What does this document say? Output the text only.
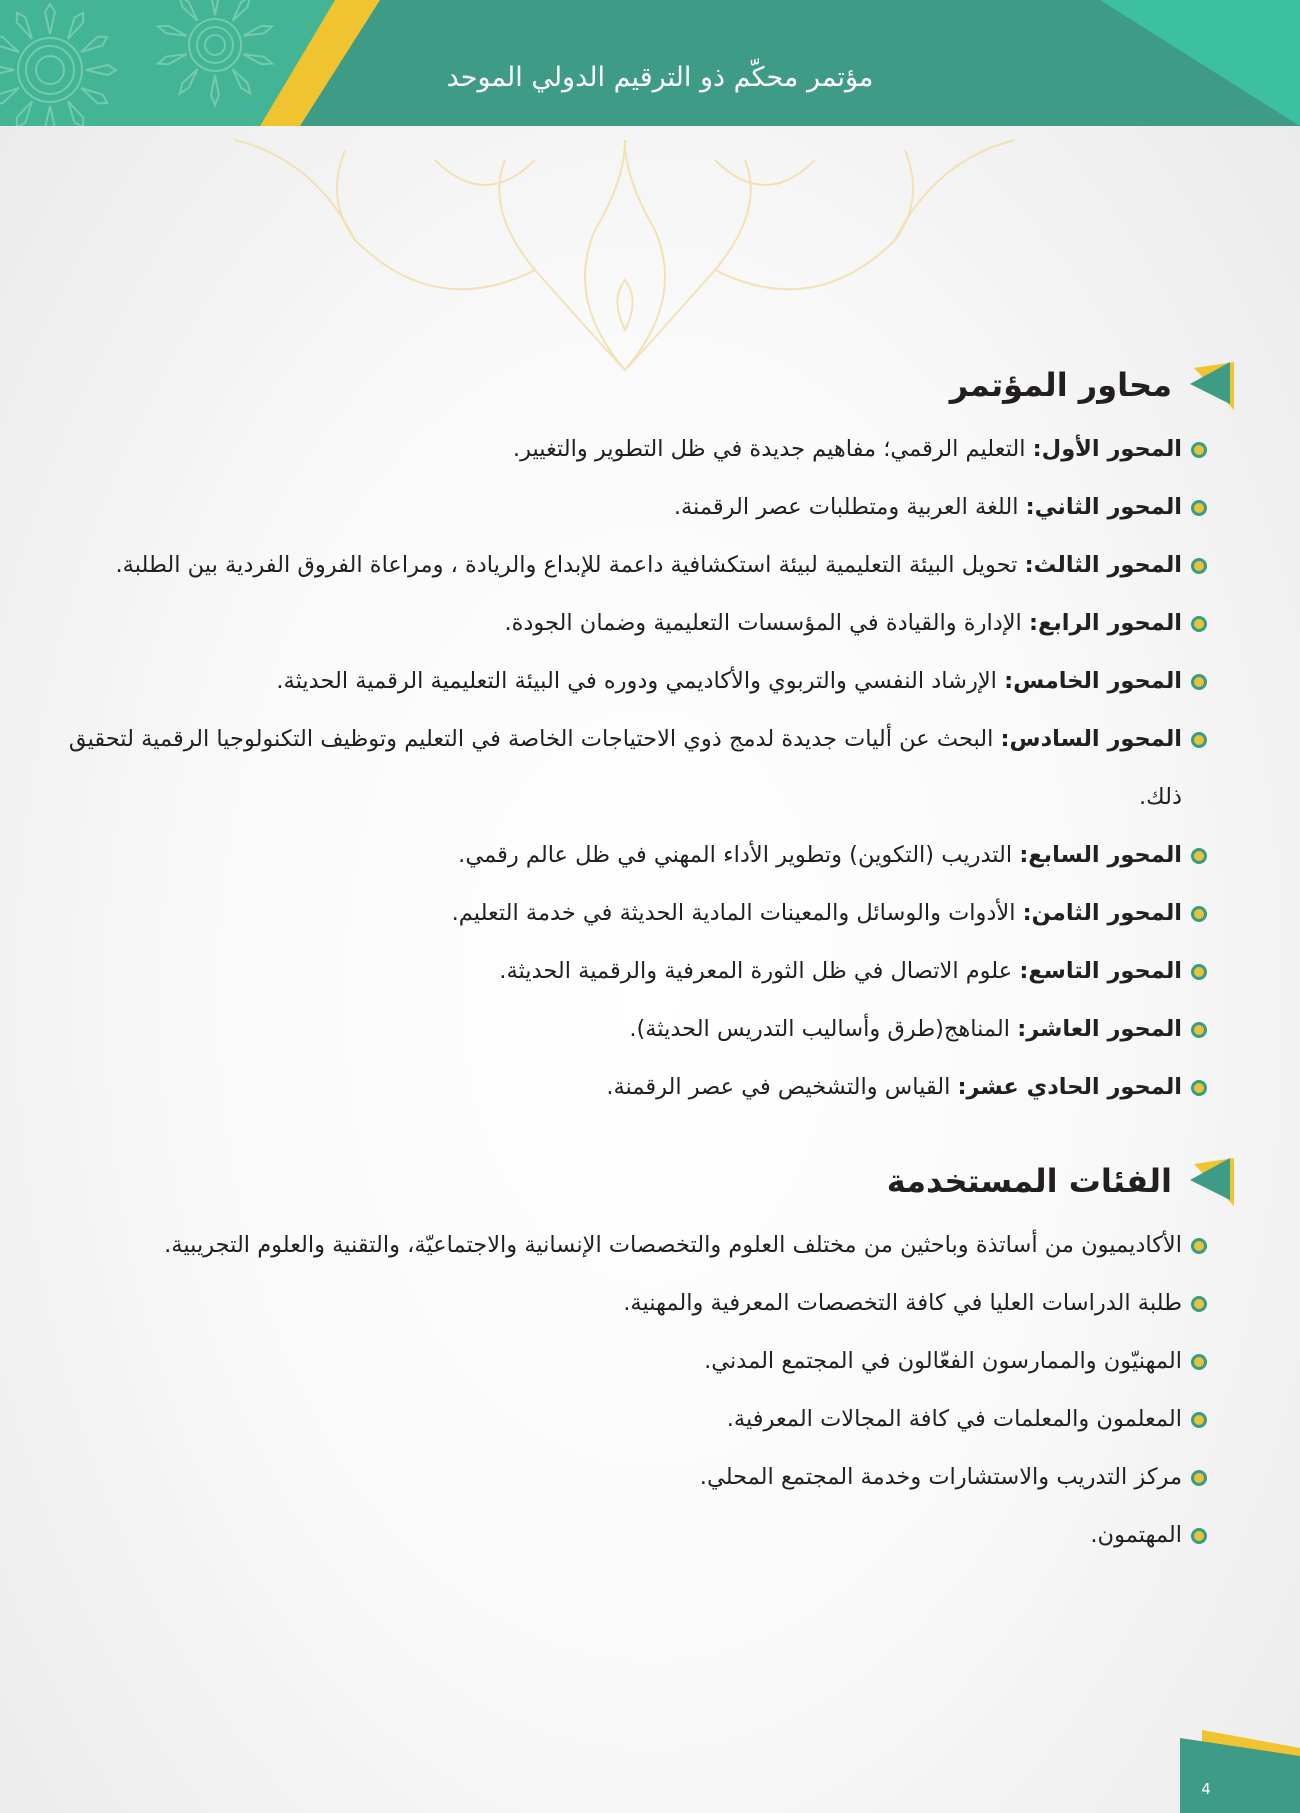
مؤتمر محكّم ذو الترقيم الدولي الموحد
محاور المؤتمر
المحور الأول: التعليم الرقمي؛ مفاهيم جديدة في ظل التطوير والتغيير.
المحور الثاني: اللغة العربية ومتطلبات عصر الرقمنة.
المحور الثالث: تحويل البيئة التعليمية لبيئة استكشافية داعمة للإبداع والريادة ، ومراعاة الفروق الفردية بين الطلبة.
المحور الرابع: الإدارة والقيادة في المؤسسات التعليمية وضمان الجودة.
المحور الخامس: الإرشاد النفسي والتربوي والأكاديمي ودوره في البيئة التعليمية الرقمية الحديثة.
المحور السادس: البحث عن أليات جديدة لدمج ذوي الاحتياجات الخاصة في التعليم وتوظيف التكنولوجيا الرقمية لتحقيق ذلك.
المحور السابع: التدريب (التكوين) وتطوير الأداء المهني في ظل عالم رقمي.
المحور الثامن: الأدوات والوسائل والمعينات المادية الحديثة في خدمة التعليم.
المحور التاسع: علوم الاتصال في ظل الثورة المعرفية والرقمية الحديثة.
المحور العاشر: المناهج(طرق وأساليب التدريس الحديثة).
المحور الحادي عشر: القياس والتشخيص في عصر الرقمنة.
الفئات المستخدمة
الأكاديميون من أساتذة وباحثين من مختلف العلوم والتخصصات الإنسانية والاجتماعيّة، والتقنية والعلوم التجريبية.
طلبة الدراسات العليا في كافة التخصصات المعرفية والمهنية.
المهنيّون والممارسون الفعّالون في المجتمع المدني.
المعلمون والمعلمات في كافة المجالات المعرفية.
مركز التدريب والاستشارات وخدمة المجتمع المحلي.
المهتمون.
4
